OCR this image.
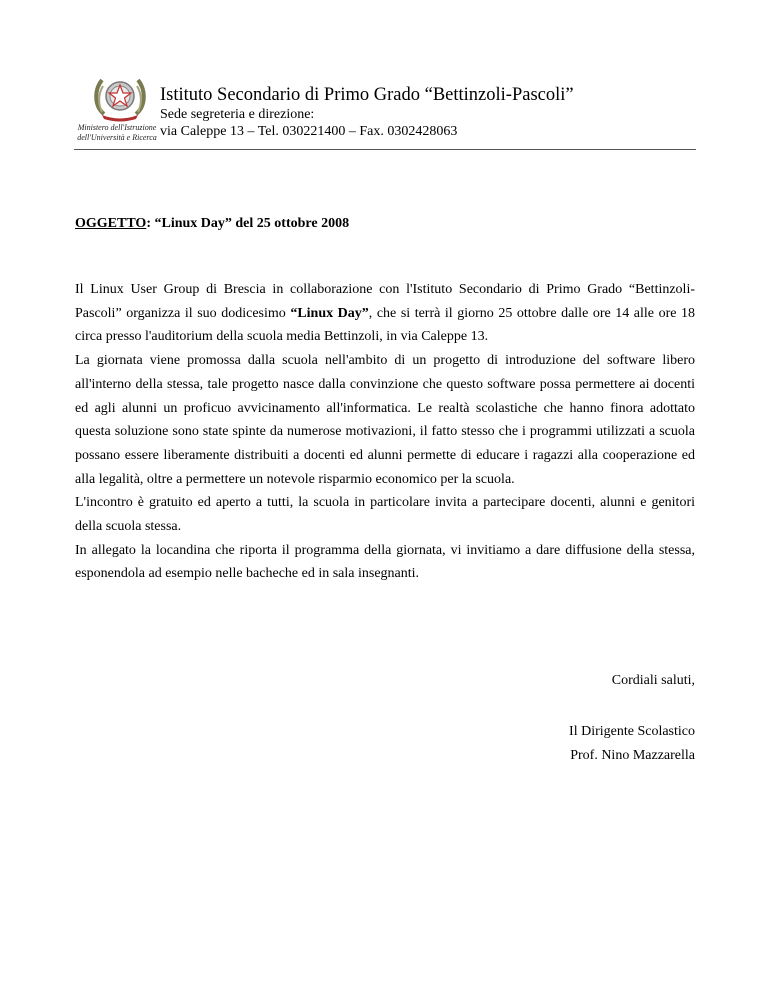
Ministero dell'Istruzione
dell'Università e Ricerca
Istituto Secondario di Primo Grado “Bettinzoli-Pascoli”
Sede segreteria e direzione:
via Caleppe 13 – Tel. 030221400 – Fax. 0302428063
OGGETTO: “Linux Day” del 25 ottobre 2008

Il Linux User Group di Brescia in collaborazione con l'Istituto Secondario di Primo Grado “Bettinzoli-Pascoli” organizza il suo dodicesimo “Linux Day”, che si terrà il giorno 25 ottobre dalle ore 14 alle ore 18 circa presso l'auditorium della scuola media Bettinzoli, in via Caleppe 13.

La giornata viene promossa dalla scuola nell'ambito di un progetto di introduzione del software libero all'interno della stessa, tale progetto nasce dalla convinzione che questo software possa permettere ai docenti ed agli alunni un proficuo avvicinamento all'informatica. Le realtà scolastiche che hanno finora adottato questa soluzione sono state spinte da numerose motivazioni, il fatto stesso che i programmi utilizzati a scuola possano essere liberamente distribuiti a docenti ed alunni permette di educare i ragazzi alla cooperazione ed alla legalità, oltre a permettere un notevole risparmio economico per la scuola.

L'incontro è gratuito ed aperto a tutti, la scuola in particolare invita a partecipare docenti, alunni e genitori della scuola stessa.

In allegato la locandina che riporta il programma della giornata, vi invitiamo a dare diffusione della stessa, esponendola ad esempio nelle bacheche ed in sala insegnanti.

Cordiali saluti,
Il Dirigente Scolastico
Prof. Nino Mazzarella
